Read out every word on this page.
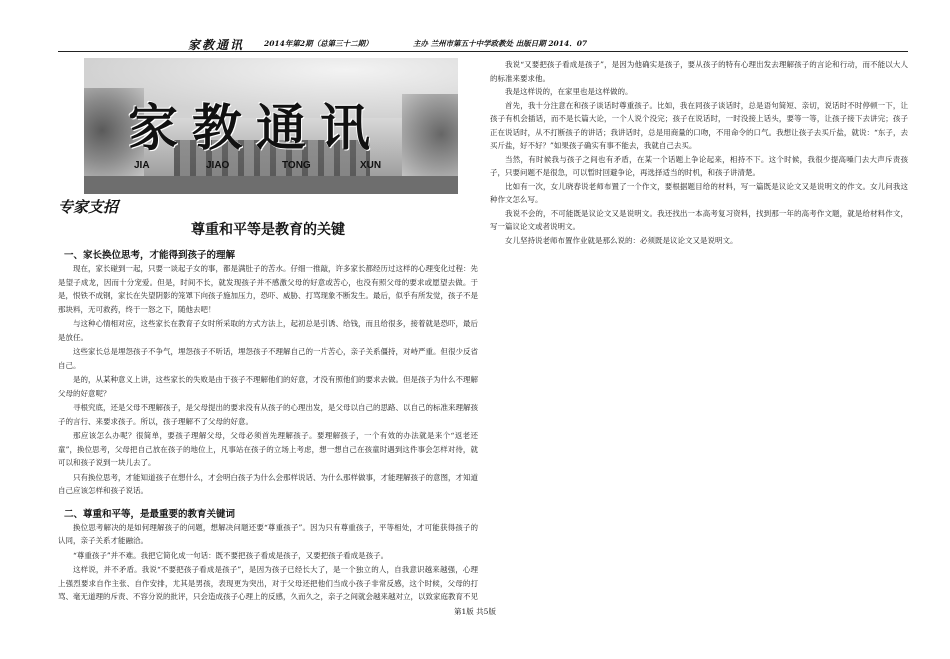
家教通讯	2014年第2期（总第三十二期）	主办 兰州市第五十中学政教处 出版日期 2014．07
家教通讯
JIA	JIAO	TONG	XUN
专家支招
尊重和平等是教育的关键
一、家长换位思考，才能得到孩子的理解

现在，家长碰到一起，只要一谈起子女的事，都是满肚子的苦水。仔细一推敲，许多家长都经历过这样的心理变化过程：先是望子成龙，因而十分宠爱。但是，时间不长，就发现孩子并不感激父母的好意或苦心，也没有照父母的要求或愿望去做。于是，恨铁不成钢，家长在失望阴影的笼罩下向孩子施加压力，恐吓、威胁、打骂现象不断发生。最后，似乎有所发觉，孩子不是那块料，无可救药，终于一怒之下，随他去吧！

与这种心情相对应，这些家长在教育子女时所采取的方式方法上，起初总是引诱、给钱，而且给很多，接着就是恐吓，最后是放任。

这些家长总是埋怨孩子不争气，埋怨孩子不听话，埋怨孩子不理解自己的一片苦心，亲子关系僵持，对峙严重。但很少反省自己。

是的，从某种意义上讲，这些家长的失败是由于孩子不理解他们的好意，才没有照他们的要求去做。但是孩子为什么不理解父母的好意呢？

寻根究底，还是父母不理解孩子，是父母提出的要求没有从孩子的心理出发，是父母以自己的思路、以自己的标准来理解孩子的言行、来要求孩子。所以，孩子理解不了父母的好意。

那应该怎么办呢？很简单，要孩子理解父母，父母必须首先理解孩子。要理解孩子，一个有效的办法就是来个“返老还童”，换位思考，父母把自己放在孩子的地位上，凡事站在孩子的立场上考虑，想一想自己在孩童时遇到这件事会怎样对待，就可以和孩子说到一块儿去了。

只有换位思考，才能知道孩子在想什么，才会明白孩子为什么会那样说话、为什么那样做事，才能理解孩子的意图，才知道自己应该怎样和孩子说话。

二、尊重和平等，是最重要的教育关键词

换位思考解决的是如何理解孩子的问题，想解决问题还要“尊重孩子”。因为只有尊重孩子，平等相处，才可能获得孩子的认同，亲子关系才能融洽。

“尊重孩子”并不难。我把它简化成一句话：既不要把孩子看成是孩子，又要把孩子看成是孩子。

这样说，并不矛盾。我说“不要把孩子看成是孩子”，是因为孩子已经长大了，是一个独立的人，自我意识越来越强，心理上强烈要求自作主张、自作安排，尤其是男孩，表现更为突出，对于父母还把他们当成小孩子非常反感，这个时候，父母的打骂、毫无道理的斥责、不容分说的批评，只会造成孩子心理上的反感，久而久之，亲子之间就会越来越对立，以致家庭教育不见

我说“又要把孩子看成是孩子”，是因为他确实是孩子，要从孩子的特有心理出发去理解孩子的言论和行动，而不能以大人的标准来要求他。

我是这样说的，在家里也是这样做的。

首先，我十分注意在和孩子谈话时尊重孩子。比如，我在同孩子谈话时，总是语句简短、亲切，说话时不时停顿一下，让孩子有机会插话，而不是长篇大论，一个人说个没完；孩子在说话时，一时没接上话头，要等一等，让孩子接下去讲完；孩子正在说话时，从不打断孩子的讲话；我讲话时，总是用商量的口吻，不用命令的口气。我想让孩子去买斤盐，就说：“东子，去买斤盐，好不好？”如果孩子确实有事不能去，我就自己去买。

当然，有时候我与孩子之间也有矛盾，在某一个话题上争论起来，相持不下。这个时候，我很少提高嗓门去大声斥责孩子，只要问题不是很急，可以暂时回避争论，再选择适当的时机，和孩子讲清楚。

比如有一次，女儿晓春说老师布置了一个作文，要根据题目给的材料，写一篇既是议论文又是说明文的作文。女儿问我这种作文怎么写。

我说不会的，不可能既是议论文又是说明文。我还找出一本高考复习资料，找到那一年的高考作文题，就是给材料作文，写一篇议论文或者说明文。

女儿坚持说老师布置作业就是那么说的：必须既是议论文又是说明文。

第1版 共5版
